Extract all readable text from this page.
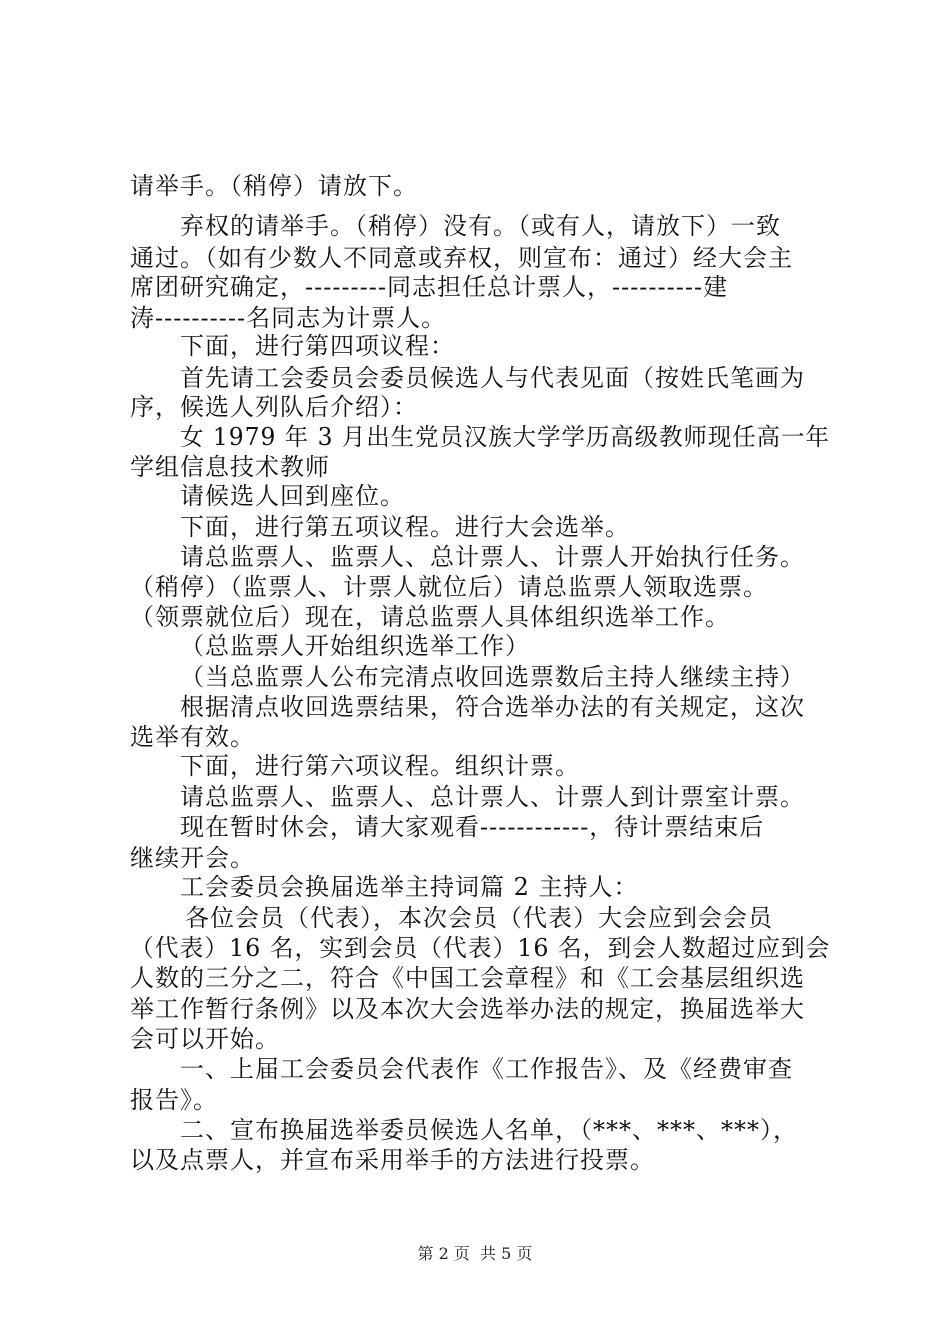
请举手。（稍停）请放下。
弃权的请举手。（稍停）没有。（或有人，请放下）一致
通过。（如有少数人不同意或弃权，则宣布：通过）经大会主
席团研究确定，---------同志担任总计票人，----------建
涛----------名同志为计票人。
下面，进行第四项议程：
首先请工会委员会委员候选人与代表见面（按姓氏笔画为
序，候选人列队后介绍）：
女 1979 年 3 月出生党员汉族大学学历高级教师现任高一年
学组信息技术教师
请候选人回到座位。
下面，进行第五项议程。进行大会选举。
请总监票人、监票人、总计票人、计票人开始执行任务。
（稍停）（监票人、计票人就位后）请总监票人领取选票。
（领票就位后）现在，请总监票人具体组织选举工作。
（总监票人开始组织选举工作）
（当总监票人公布完清点收回选票数后主持人继续主持）
根据清点收回选票结果，符合选举办法的有关规定，这次
选举有效。
下面，进行第六项议程。组织计票。
请总监票人、监票人、总计票人、计票人到计票室计票。
现在暂时休会，请大家观看------------，待计票结束后
继续开会。
工会委员会换届选举主持词篇 2 主持人：
各位会员（代表），本次会员（代表）大会应到会会员
（代表）16 名，实到会员（代表）16 名，到会人数超过应到会
人数的三分之二，符合《中国工会章程》和《工会基层组织选
举工作暂行条例》以及本次大会选举办法的规定，换届选举大
会可以开始。
一、上届工会委员会代表作《工作报告》、及《经费审查
报告》。
二、宣布换届选举委员候选人名单，（***、***、***），
以及点票人，并宣布采用举手的方法进行投票。
第 2 页  共 5 页
